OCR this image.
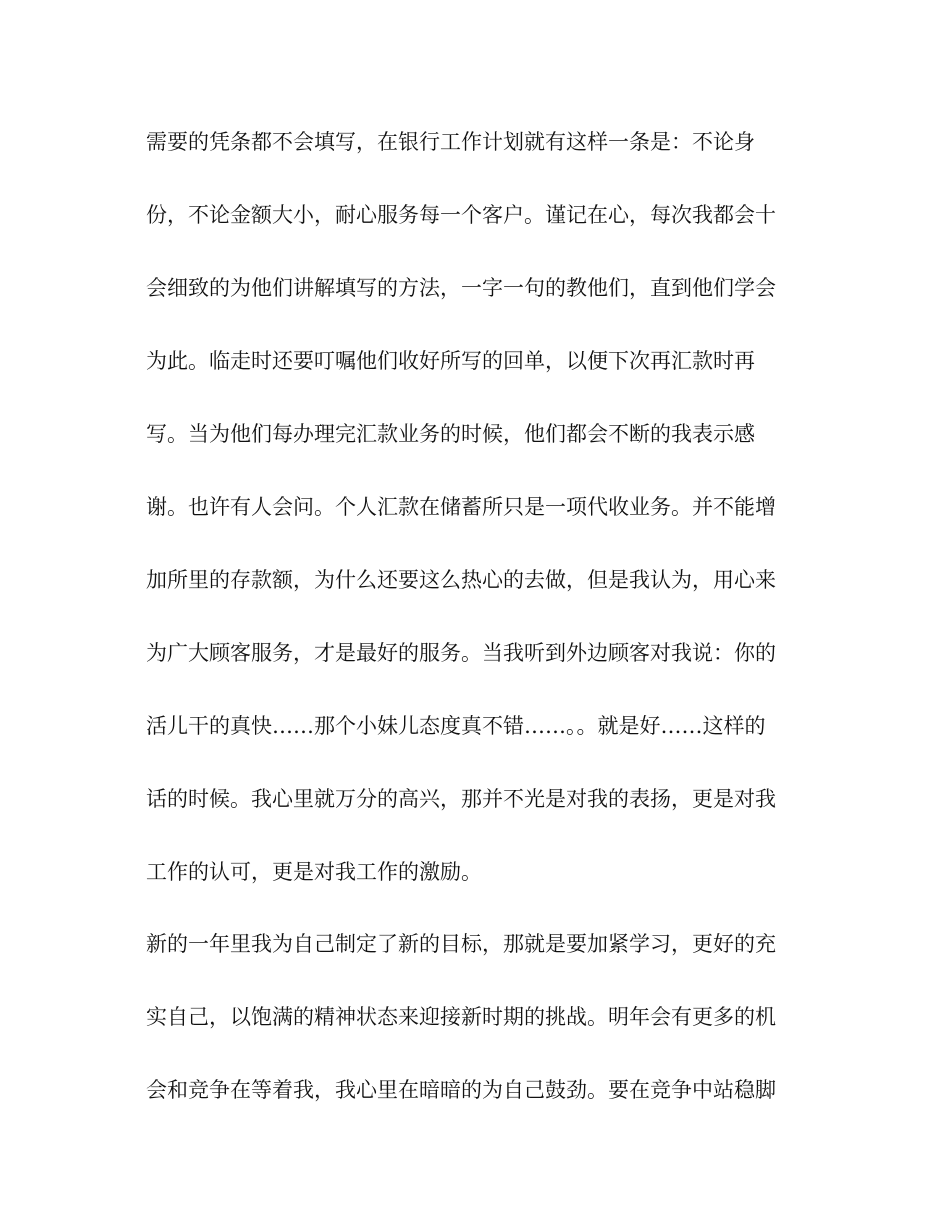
需要的凭条都不会填写，在银行工作计划就有这样一条是：不论身
份，不论金额大小，耐心服务每一个客户。谨记在心，每次我都会十
会细致的为他们讲解填写的方法，一字一句的教他们，直到他们学会
为此。临走时还要叮嘱他们收好所写的回单，以便下次再汇款时再
写。当为他们每办理完汇款业务的时候，他们都会不断的我表示感
谢。也许有人会问。个人汇款在储蓄所只是一项代收业务。并不能增
加所里的存款额，为什么还要这么热心的去做，但是我认为，用心来
为广大顾客服务，才是最好的服务。当我听到外边顾客对我说：你的
活儿干的真快……那个小妹儿态度真不错……。。就是好……这样的
话的时候。我心里就万分的高兴，那并不光是对我的表扬，更是对我
工作的认可，更是对我工作的激励。
新的一年里我为自己制定了新的目标，那就是要加紧学习，更好的充
实自己，以饱满的精神状态来迎接新时期的挑战。明年会有更多的机
会和竞争在等着我，我心里在暗暗的为自己鼓劲。要在竞争中站稳脚
